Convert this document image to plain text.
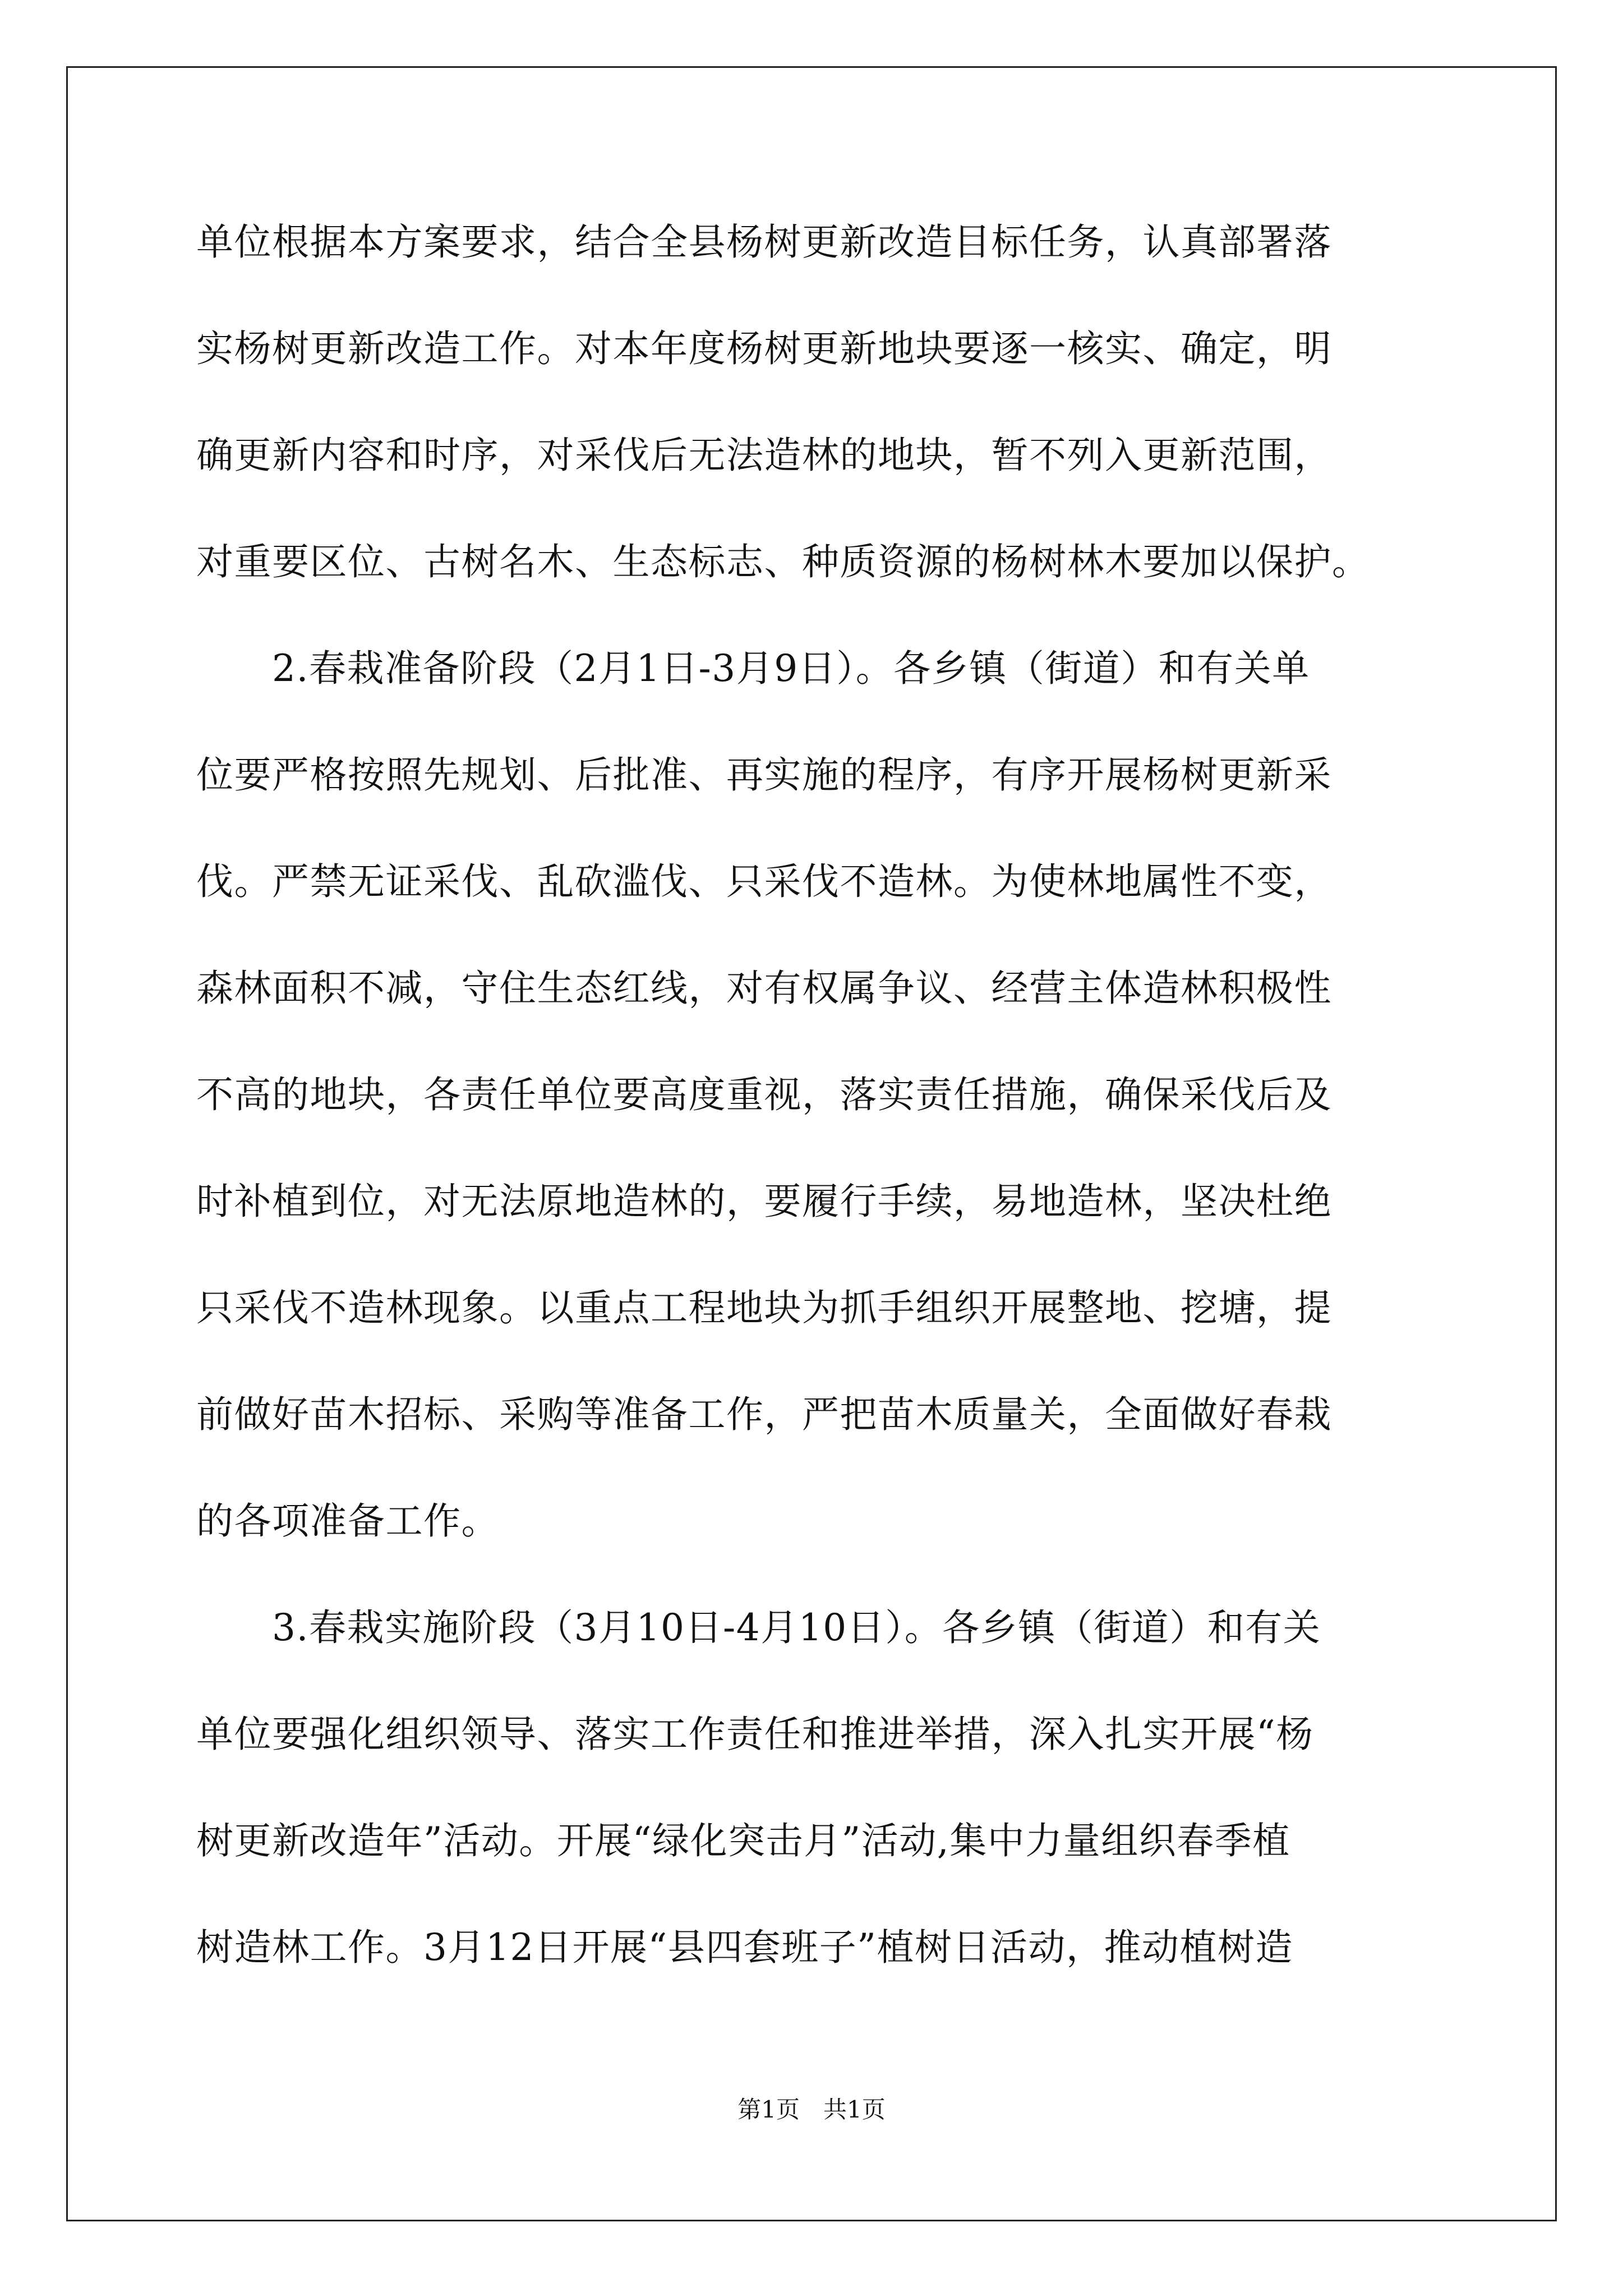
单位根据本方案要求，结合全县杨树更新改造目标任务，认真部署落
实杨树更新改造工作。对本年度杨树更新地块要逐一核实、确定，明
确更新内容和时序，对采伐后无法造林的地块，暂不列入更新范围，
对重要区位、古树名木、生态标志、种质资源的杨树林木要加以保护。
2.春栽准备阶段（2月1日-3月9日）。各乡镇（街道）和有关单
位要严格按照先规划、后批准、再实施的程序，有序开展杨树更新采
伐。严禁无证采伐、乱砍滥伐、只采伐不造林。为使林地属性不变，
森林面积不减，守住生态红线，对有权属争议、经营主体造林积极性
不高的地块，各责任单位要高度重视，落实责任措施，确保采伐后及
时补植到位，对无法原地造林的，要履行手续，易地造林，坚决杜绝
只采伐不造林现象。以重点工程地块为抓手组织开展整地、挖塘，提
前做好苗木招标、采购等准备工作，严把苗木质量关，全面做好春栽
的各项准备工作。
3.春栽实施阶段（3月10日-4月10日）。各乡镇（街道）和有关
单位要强化组织领导、落实工作责任和推进举措，深入扎实开展“杨
树更新改造年”活动。开展“绿化突击月”活动,集中力量组织春季植
树造林工作。3月12日开展“县四套班子”植树日活动，推动植树造
第1页　共1页
